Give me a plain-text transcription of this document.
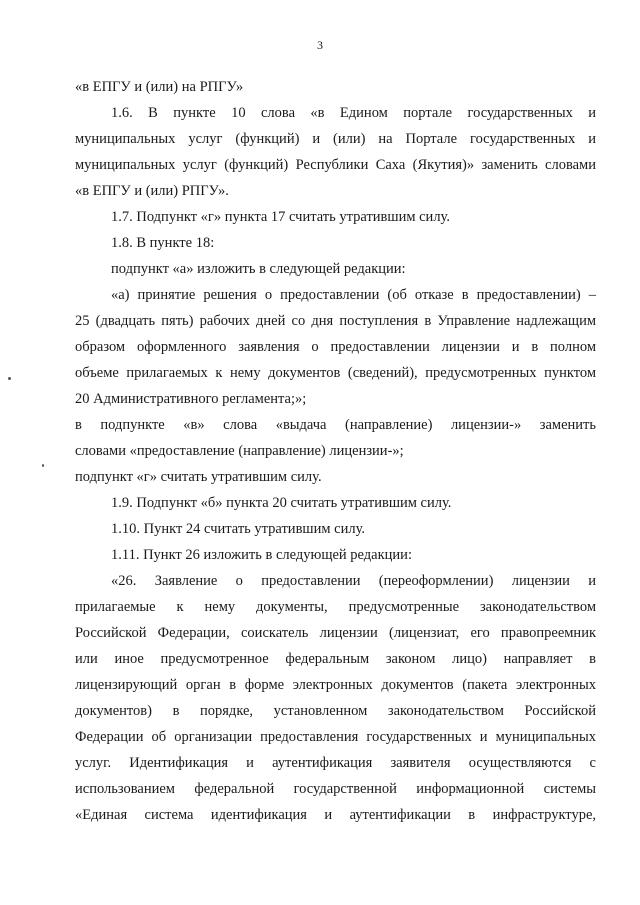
3

«в ЕПГУ и (или) на РПГУ»

1.6. В пункте 10 слова «в Едином портале государственных и

муниципальных услуг (функций) и (или) на Портале государственных и

муниципальных услуг (функций) Республики Саха (Якутия)» заменить словами

«в ЕПГУ и (или) РПГУ».

1.7. Подпункт «г» пункта 17 считать утратившим силу.

1.8. В пункте 18:

подпункт «а» изложить в следующей редакции:

«а) принятие решения о предоставлении (об отказе в предоставлении) –

25 (двадцать пять) рабочих дней со дня поступления в Управление надлежащим

образом оформленного заявления о предоставлении лицензии и в полном

объеме прилагаемых к нему документов (сведений), предусмотренных пунктом

20 Административного регламента;»;

в подпункте «в» слова «выдача (направление) лицензии-» заменить

словами «предоставление (направление) лицензии-»;

подпункт «г» считать утратившим силу.

1.9. Подпункт «б» пункта 20 считать утратившим силу.

1.10. Пункт 24 считать утратившим силу.

1.11. Пункт 26 изложить в следующей редакции:

«26. Заявление о предоставлении (переоформлении) лицензии и

прилагаемые к нему документы, предусмотренные законодательством

Российской Федерации, соискатель лицензии (лицензиат, его правопреемник

или иное предусмотренное федеральным законом лицо) направляет в

лицензирующий орган в форме электронных документов (пакета электронных

документов) в порядке, установленном законодательством Российской

Федерации об организации предоставления государственных и муниципальных

услуг. Идентификация и аутентификация заявителя осуществляются с

использованием федеральной государственной информационной системы

«Единая система идентификация и аутентификации в инфраструктуре,
